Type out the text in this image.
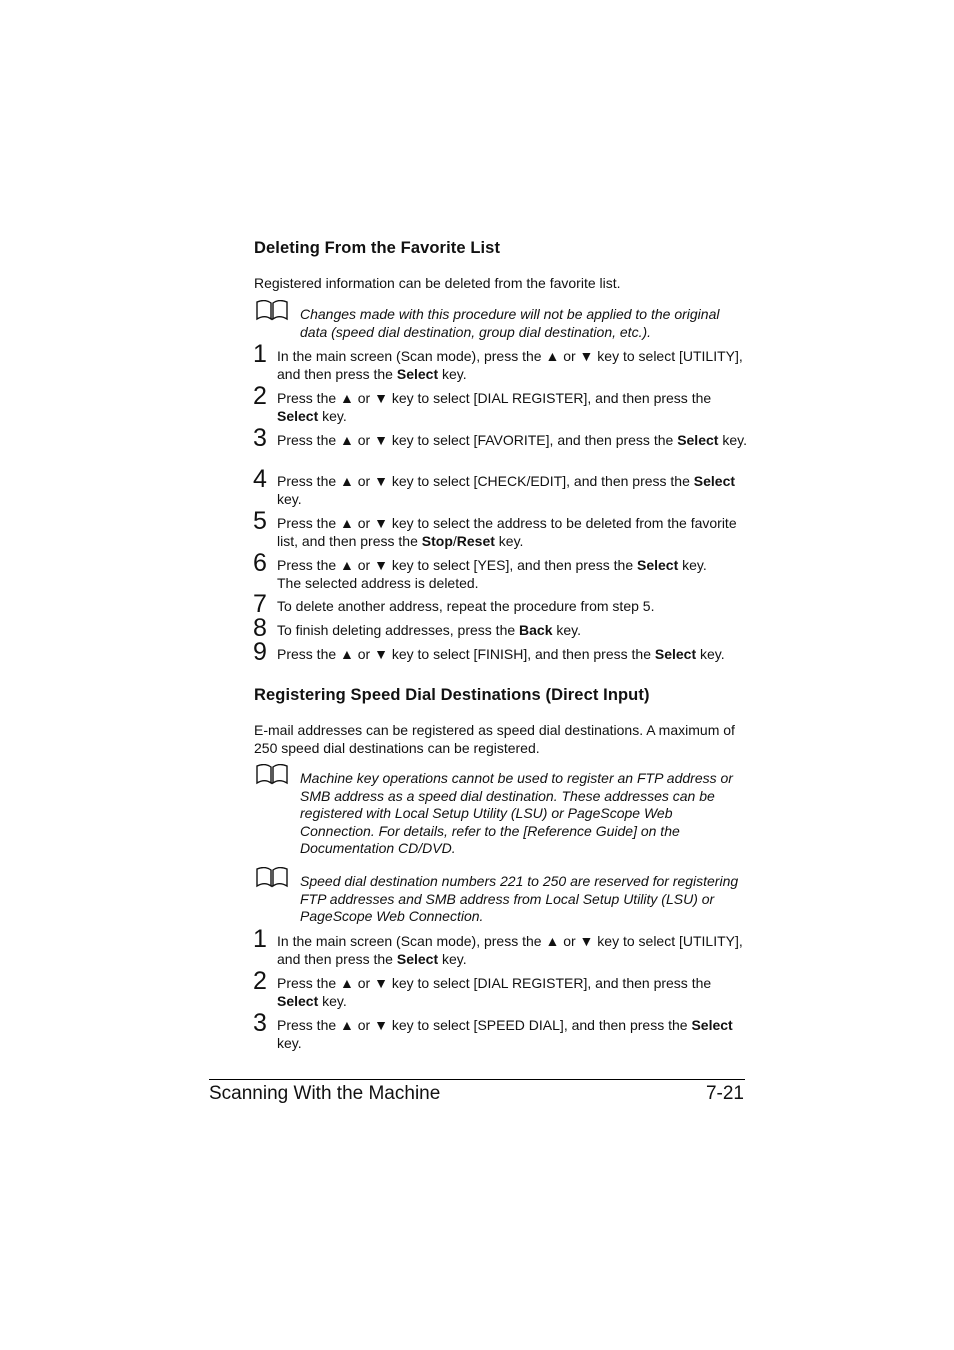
Deleting From the Favorite List
Registered information can be deleted from the favorite list.
Changes made with this procedure will not be applied to the original data (speed dial destination, group dial destination, etc.).
1 In the main screen (Scan mode), press the ▲ or ▼ key to select [UTILITY], and then press the Select key.
2 Press the ▲ or ▼ key to select [DIAL REGISTER], and then press the Select key.
3 Press the ▲ or ▼ key to select [FAVORITE], and then press the Select key.
4 Press the ▲ or ▼ key to select [CHECK/EDIT], and then press the Select key.
5 Press the ▲ or ▼ key to select the address to be deleted from the favorite list, and then press the Stop/Reset key.
6 Press the ▲ or ▼ key to select [YES], and then press the Select key.
The selected address is deleted.
7 To delete another address, repeat the procedure from step 5.
8 To finish deleting addresses, press the Back key.
9 Press the ▲ or ▼ key to select [FINISH], and then press the Select key.
Registering Speed Dial Destinations (Direct Input)
E-mail addresses can be registered as speed dial destinations. A maximum of 250 speed dial destinations can be registered.
Machine key operations cannot be used to register an FTP address or SMB address as a speed dial destination. These addresses can be registered with Local Setup Utility (LSU) or PageScope Web Connection. For details, refer to the [Reference Guide] on the Documentation CD/DVD.
Speed dial destination numbers 221 to 250 are reserved for registering FTP addresses and SMB address from Local Setup Utility (LSU) or PageScope Web Connection.
1 In the main screen (Scan mode), press the ▲ or ▼ key to select [UTILITY], and then press the Select key.
2 Press the ▲ or ▼ key to select [DIAL REGISTER], and then press the Select key.
3 Press the ▲ or ▼ key to select [SPEED DIAL], and then press the Select key.
Scanning With the Machine	7-21
